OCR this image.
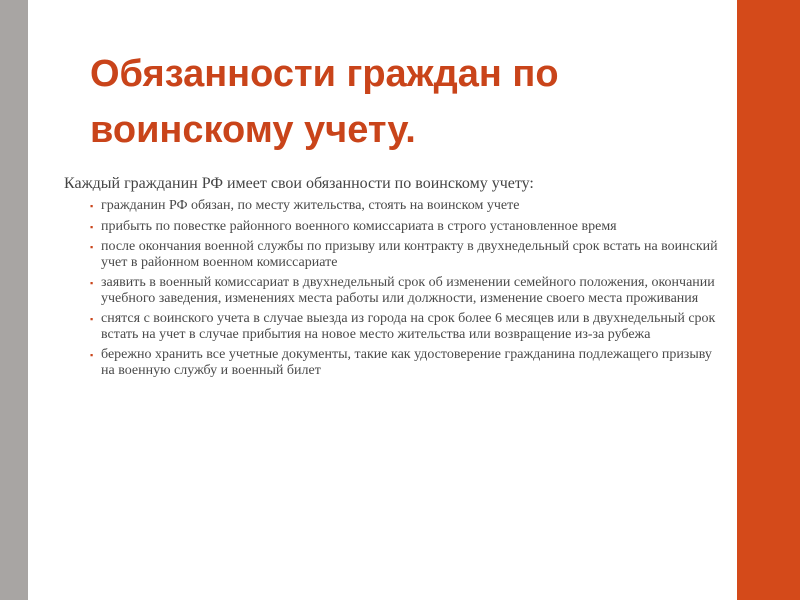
Обязанности граждан по
воинскому учету.

Каждый гражданин РФ имеет свои обязанности по воинскому учету:

▪ гражданин РФ обязан, по месту жительства, стоять на воинском учете
▪ прибыть по повестке районного военного комиссариата в строго установленное время
▪ после окончания военной службы по призыву или контракту в двухнедельный срок встать на воинский учет в районном военном комиссариате
▪ заявить в военный комиссариат в двухнедельный срок об изменении семейного положения, окончании учебного заведения, изменениях места работы или должности, изменение своего места проживания
▪ снятся с воинского учета в случае выезда из города на срок более 6 месяцев или в двухнедельный срок встать на учет в случае прибытия на новое место жительства или возвращение из-за рубежа
▪ бережно хранить все учетные документы, такие как удостоверение гражданина подлежащего призыву на военную службу и военный билет
